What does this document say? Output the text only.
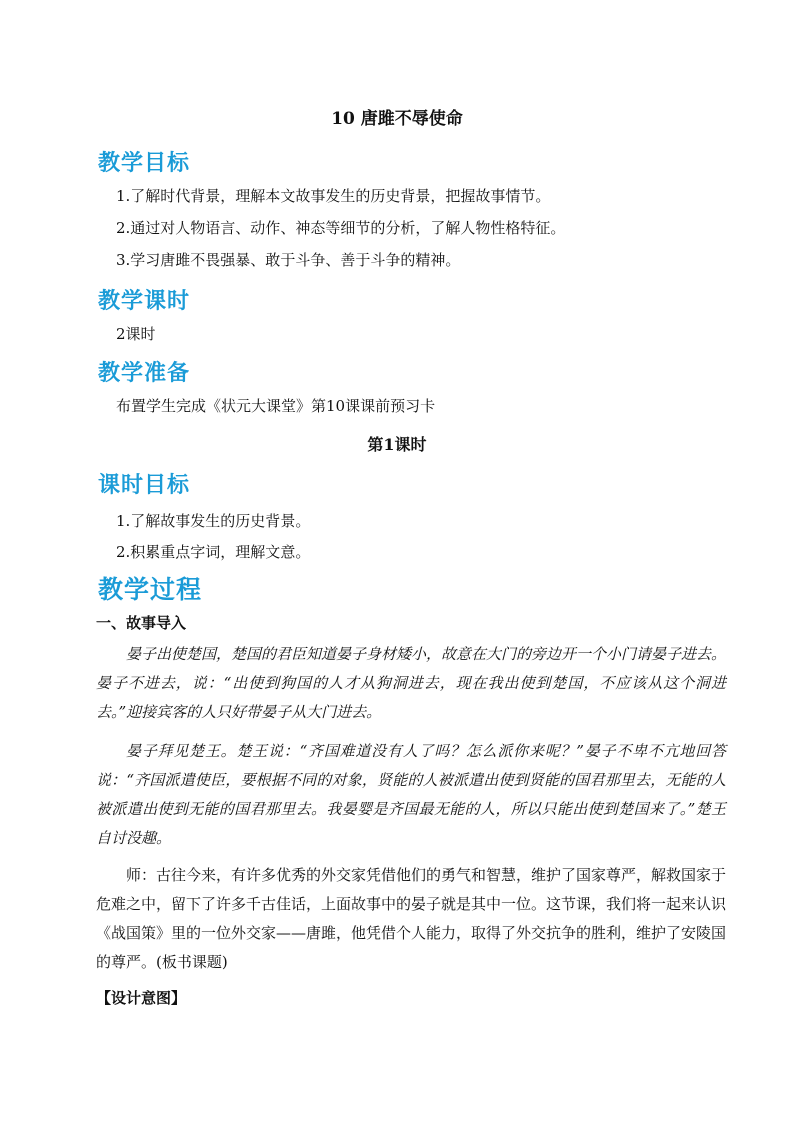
10 唐雎不辱使命
教学目标
1.了解时代背景，理解本文故事发生的历史背景，把握故事情节。
2.通过对人物语言、动作、神态等细节的分析，了解人物性格特征。
3.学习唐雎不畏强暴、敢于斗争、善于斗争的精神。
教学课时
2课时
教学准备
布置学生完成《状元大课堂》第10课课前预习卡
第1课时
课时目标
1.了解故事发生的历史背景。
2.积累重点字词，理解文意。
教学过程
一、故事导入

晏子出使楚国，楚国的君臣知道晏子身材矮小，故意在大门的旁边开一个小门请晏子进去。晏子不进去，说：“出使到狗国的人才从狗洞进去，现在我出使到楚国，不应该从这个洞进去。”迎接宾客的人只好带晏子从大门进去。

晏子拜见楚王。楚王说：“齐国难道没有人了吗？怎么派你来呢？”晏子不卑不亢地回答说：“齐国派遣使臣，要根据不同的对象，贤能的人被派遣出使到贤能的国君那里去，无能的人被派遣出使到无能的国君那里去。我晏婴是齐国最无能的人，所以只能出使到楚国来了。”楚王自讨没趣。

师：古往今来，有许多优秀的外交家凭借他们的勇气和智慧，维护了国家尊严，解救国家于危难之中，留下了许多千古佳话，上面故事中的晏子就是其中一位。这节课，我们将一起来认识《战国策》里的一位外交家——唐雎，他凭借个人能力，取得了外交抗争的胜利，维护了安陵国的尊严。(板书课题)

【设计意图】
